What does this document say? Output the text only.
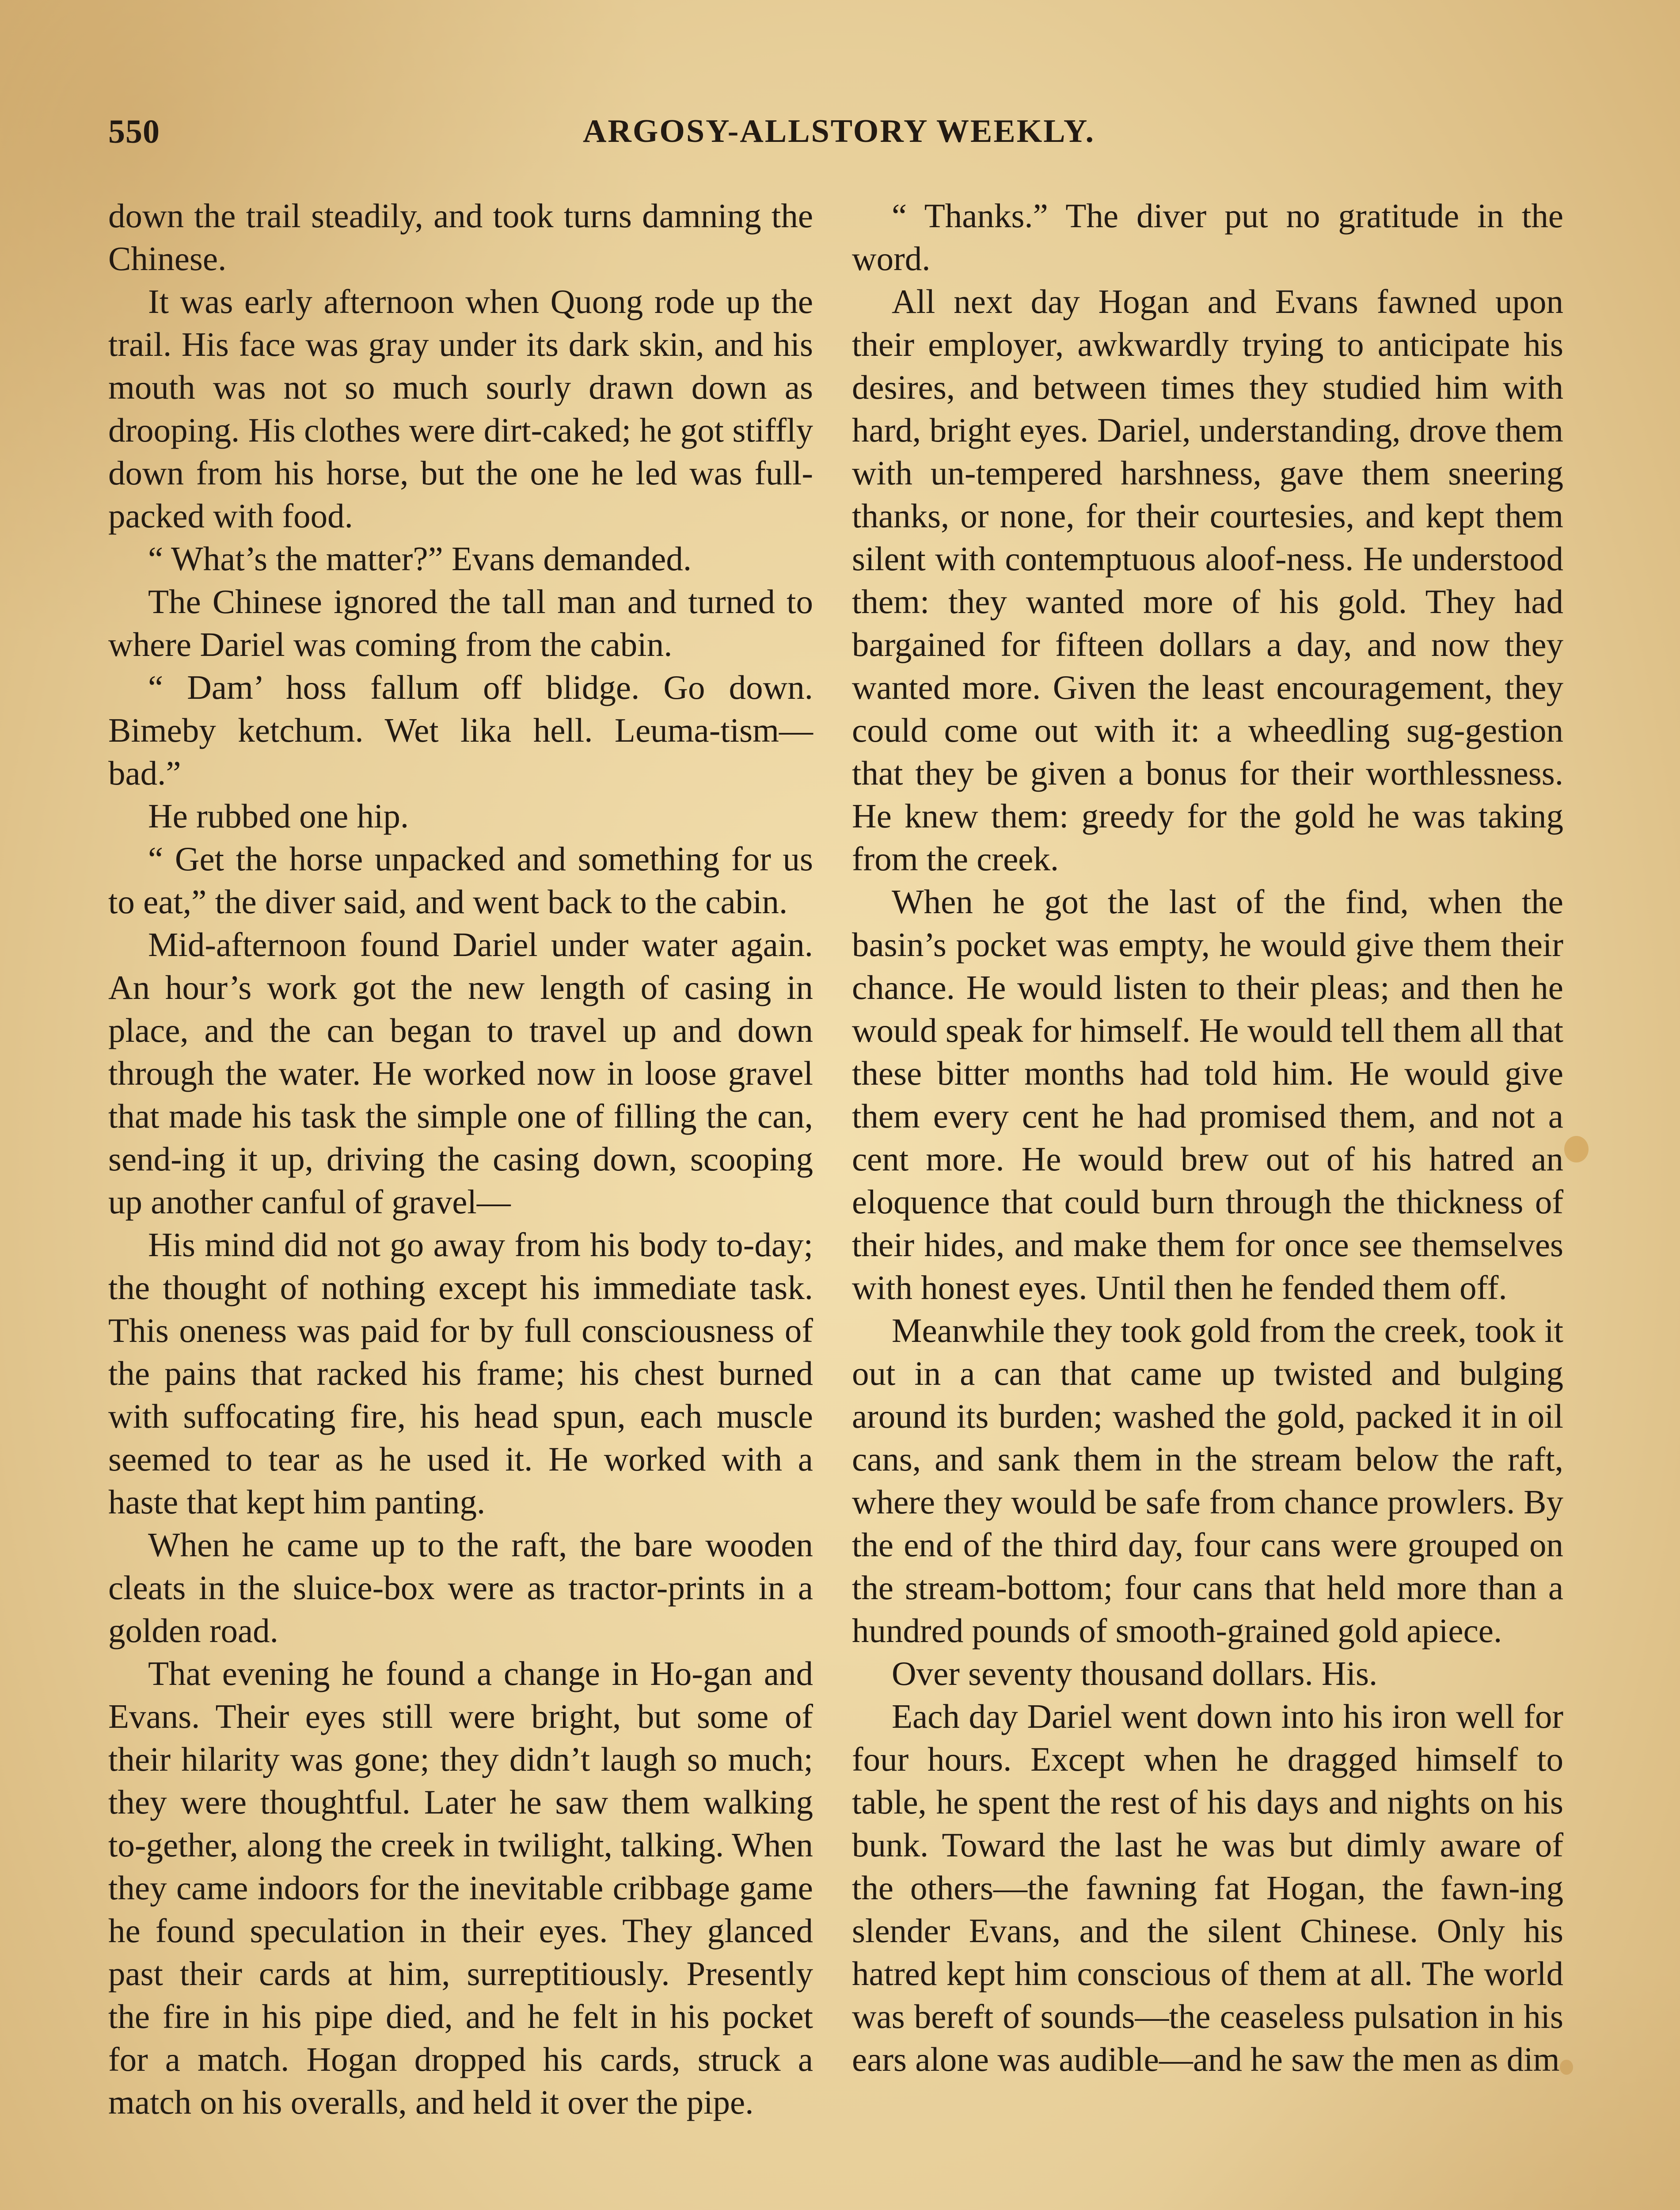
550	ARGOSY-ALLSTORY WEEKLY.

down the trail steadily, and took turns damning the Chinese.

It was early afternoon when Quong rode up the trail. His face was gray under its dark skin, and his mouth was not so much sourly drawn down as drooping. His clothes were dirt-caked; he got stiffly down from his horse, but the one he led was full-packed with food.

“ What’s the matter?” Evans demanded.

The Chinese ignored the tall man and turned to where Dariel was coming from the cabin.

“ Dam’ hoss fallum off blidge. Go down. Bimeby ketchum. Wet lika hell. Leuma-tism—bad.”

He rubbed one hip.

“ Get the horse unpacked and something for us to eat,” the diver said, and went back to the cabin.

Mid-afternoon found Dariel under water again. An hour’s work got the new length of casing in place, and the can began to travel up and down through the water. He worked now in loose gravel that made his task the simple one of filling the can, send-ing it up, driving the casing down, scooping up another canful of gravel—

His mind did not go away from his body to-day; the thought of nothing except his immediate task. This oneness was paid for by full consciousness of the pains that racked his frame; his chest burned with suffocating fire, his head spun, each muscle seemed to tear as he used it. He worked with a haste that kept him panting.

When he came up to the raft, the bare wooden cleats in the sluice-box were as tractor-prints in a golden road.

That evening he found a change in Ho-gan and Evans. Their eyes still were bright, but some of their hilarity was gone; they didn’t laugh so much; they were thoughtful. Later he saw them walking to-gether, along the creek in twilight, talking. When they came indoors for the inevitable cribbage game he found speculation in their eyes. They glanced past their cards at him, surreptitiously. Presently the fire in his pipe died, and he felt in his pocket for a match. Hogan dropped his cards, struck a match on his overalls, and held it over the pipe.

“ Thanks.” The diver put no gratitude in the word.

All next day Hogan and Evans fawned upon their employer, awkwardly trying to anticipate his desires, and between times they studied him with hard, bright eyes. Dariel, understanding, drove them with un-tempered harshness, gave them sneering thanks, or none, for their courtesies, and kept them silent with contemptuous aloof-ness. He understood them: they wanted more of his gold. They had bargained for fifteen dollars a day, and now they wanted more. Given the least encouragement, they could come out with it: a wheedling sug-gestion that they be given a bonus for their worthlessness. He knew them: greedy for the gold he was taking from the creek.

When he got the last of the find, when the basin’s pocket was empty, he would give them their chance. He would listen to their pleas; and then he would speak for himself. He would tell them all that these bitter months had told him. He would give them every cent he had promised them, and not a cent more. He would brew out of his hatred an eloquence that could burn through the thickness of their hides, and make them for once see themselves with honest eyes. Until then he fended them off.

Meanwhile they took gold from the creek, took it out in a can that came up twisted and bulging around its burden; washed the gold, packed it in oil cans, and sank them in the stream below the raft, where they would be safe from chance prowlers. By the end of the third day, four cans were grouped on the stream-bottom; four cans that held more than a hundred pounds of smooth-grained gold apiece.

Over seventy thousand dollars. His.

Each day Dariel went down into his iron well for four hours. Except when he dragged himself to table, he spent the rest of his days and nights on his bunk. Toward the last he was but dimly aware of the others—the fawning fat Hogan, the fawn-ing slender Evans, and the silent Chinese. Only his hatred kept him conscious of them at all. The world was bereft of sounds—the ceaseless pulsation in his ears alone was audible—and he saw the men as dim
